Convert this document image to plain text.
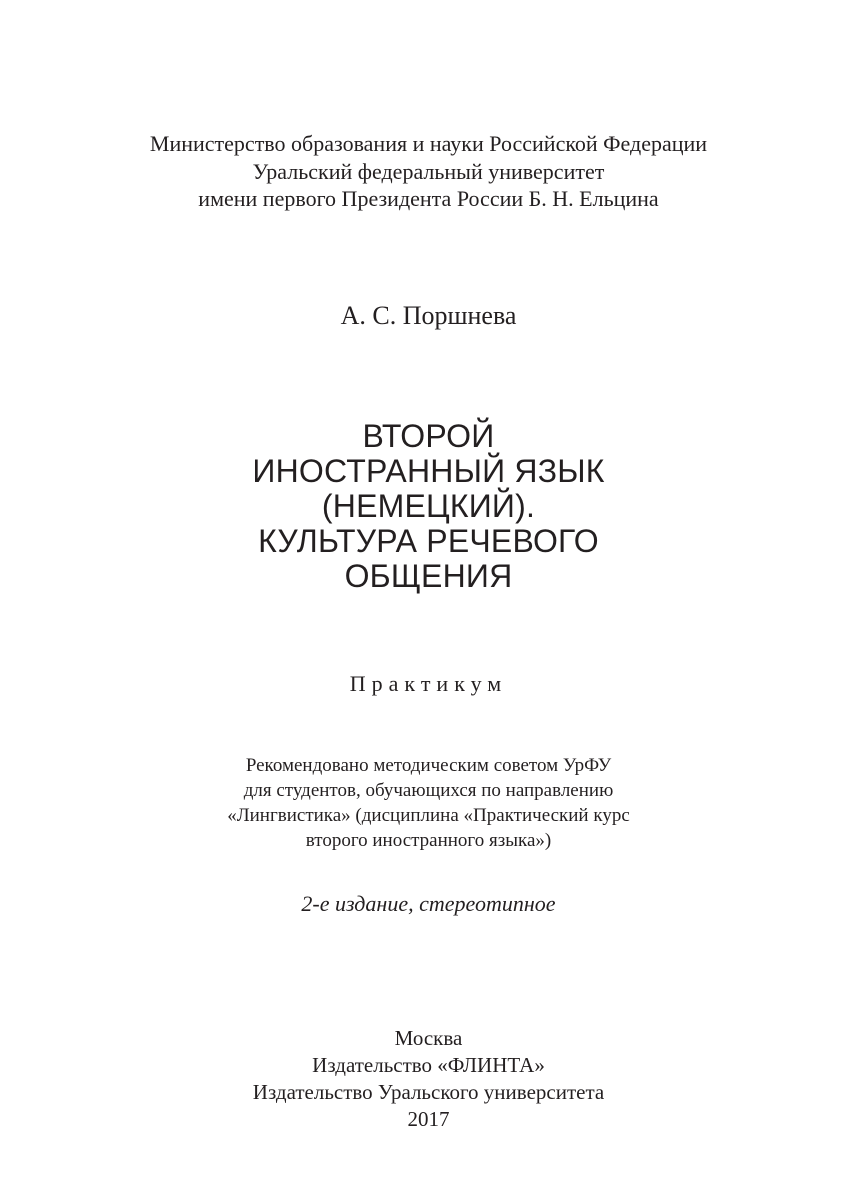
Министерство образования и науки Российской Федерации
Уральский федеральный университет
имени первого Президента России Б. Н. Ельцина
А. С. Поршнева
ВТОРОЙ
ИНОСТРАННЫЙ ЯЗЫК
(НЕМЕЦКИЙ).
КУЛЬТУРА РЕЧЕВОГО
ОБЩЕНИЯ
Практикум
Рекомендовано методическим советом УрФУ
для студентов, обучающихся по направлению
«Лингвистика» (дисциплина «Практический курс
второго иностранного языка»)
2-е издание, стереотипное
Москва
Издательство «ФЛИНТА»
Издательство Уральского университета
2017
